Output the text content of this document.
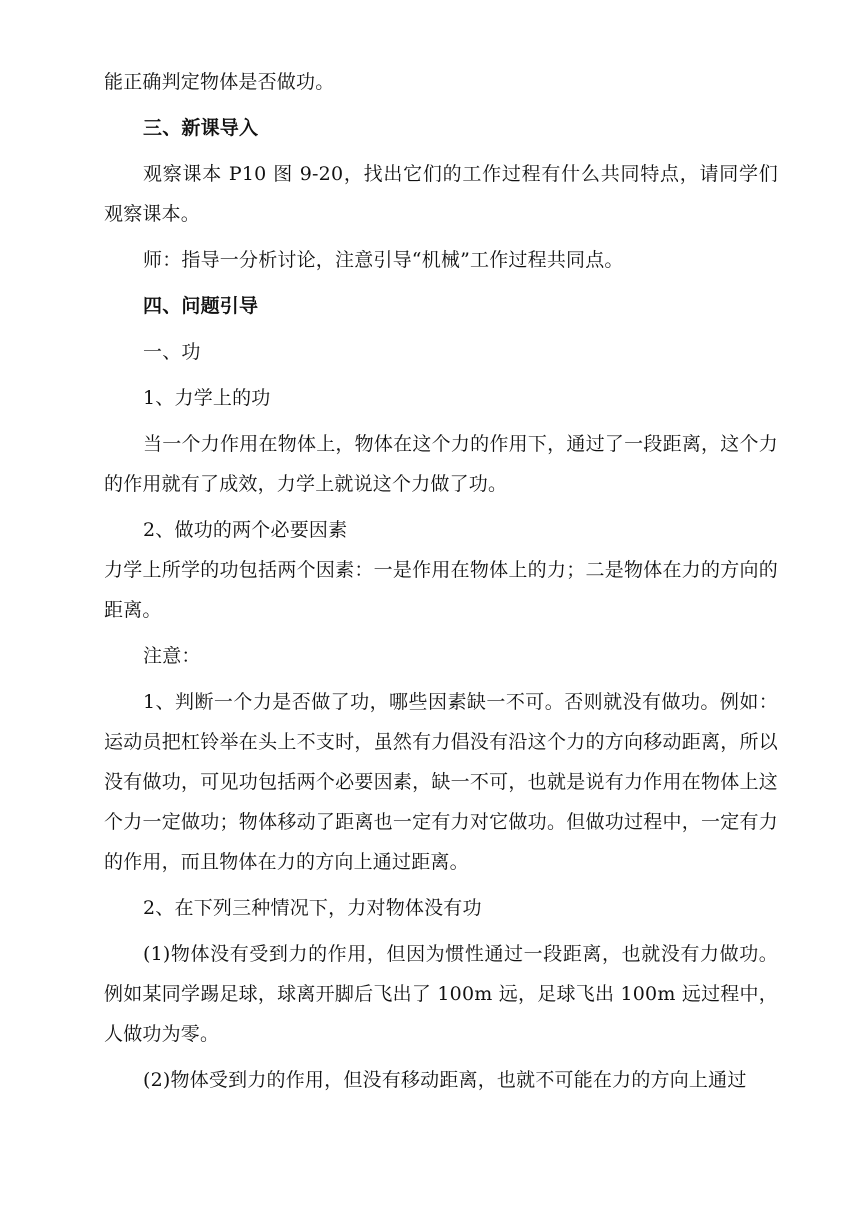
能正确判定物体是否做功。

三、新课导入

观察课本 P10 图 9-20，找出它们的工作过程有什么共同特点，请同学们观察课本。

师：指导一分析讨论，注意引导“机械”工作过程共同点。

四、问题引导

一、功

1、力学上的功

当一个力作用在物体上，物体在这个力的作用下，通过了一段距离，这个力的作用就有了成效，力学上就说这个力做了功。

2、做功的两个必要因素

力学上所学的功包括两个因素：一是作用在物体上的力；二是物体在力的方向的距离。

注意：

1、判断一个力是否做了功，哪些因素缺一不可。否则就没有做功。例如：运动员把杠铃举在头上不支时，虽然有力倡没有沿这个力的方向移动距离，所以没有做功，可见功包括两个必要因素，缺一不可，也就是说有力作用在物体上这个力一定做功；物体移动了距离也一定有力对它做功。但做功过程中，一定有力的作用，而且物体在力的方向上通过距离。

2、在下列三种情况下，力对物体没有功

(1)物体没有受到力的作用，但因为惯性通过一段距离，也就没有力做功。例如某同学踢足球，球离开脚后飞出了 100m 远，足球飞出 100m 远过程中，人做功为零。

(2)物体受到力的作用，但没有移动距离，也就不可能在力的方向上通过
